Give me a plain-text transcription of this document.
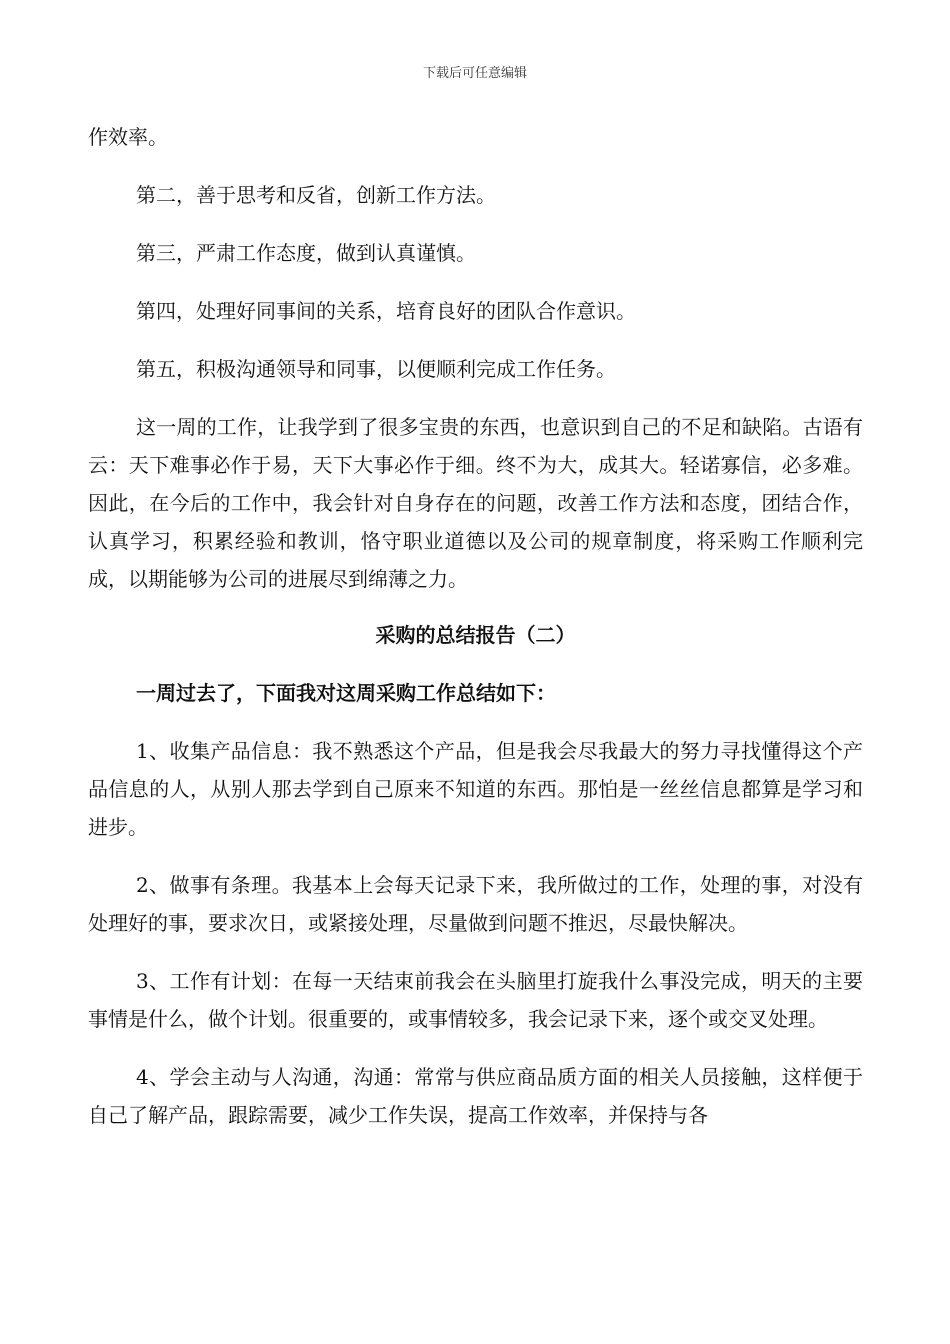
下载后可任意编辑

作效率。

第二，善于思考和反省，创新工作方法。

第三，严肃工作态度，做到认真谨慎。

第四，处理好同事间的关系，培育良好的团队合作意识。

第五，积极沟通领导和同事，以便顺利完成工作任务。

这一周的工作，让我学到了很多宝贵的东西，也意识到自己的不足和缺陷。古语有云：天下难事必作于易，天下大事必作于细。终不为大，成其大。轻诺寡信，必多难。因此，在今后的工作中，我会针对自身存在的问题，改善工作方法和态度，团结合作，认真学习，积累经验和教训，恪守职业道德以及公司的规章制度，将采购工作顺利完成，以期能够为公司的进展尽到绵薄之力。

采购的总结报告（二）

一周过去了，下面我对这周采购工作总结如下：

1、收集产品信息：我不熟悉这个产品，但是我会尽我最大的努力寻找懂得这个产品信息的人，从别人那去学到自己原来不知道的东西。那怕是一丝丝信息都算是学习和进步。

2、做事有条理。我基本上会每天记录下来，我所做过的工作，处理的事，对没有处理好的事，要求次日，或紧接处理，尽量做到问题不推迟，尽最快解决。

3、工作有计划：在每一天结束前我会在头脑里打旋我什么事没完成，明天的主要事情是什么，做个计划。很重要的，或事情较多，我会记录下来，逐个或交叉处理。

4、学会主动与人沟通，沟通：常常与供应商品质方面的相关人员接触，这样便于自己了解产品，跟踪需要，减少工作失误，提高工作效率，并保持与各
